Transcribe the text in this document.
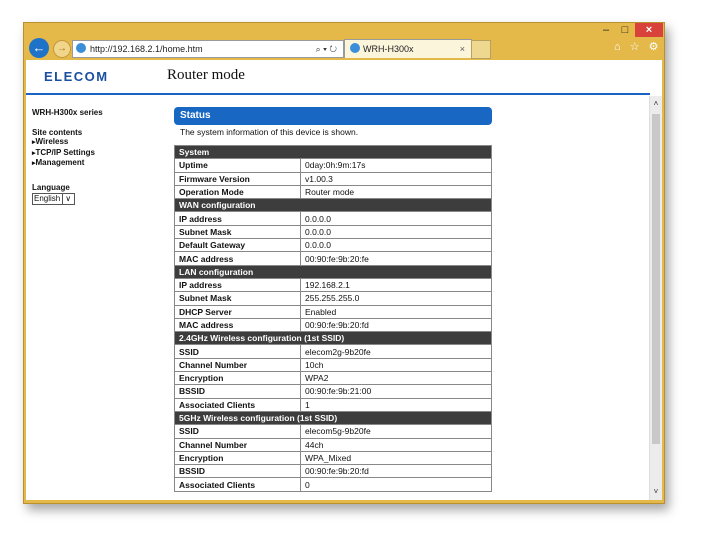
–	□	×
←	→	http://192.168.2.1/home.htm	⌕ ▾ ↻	WRH-H300x	×	⌂ ☆ ⚙
ELECOM	Router mode
WRH-H300x series
Site contents
▸ Wireless
▸ TCP/IP Settings
▸ Management
Language
English ∨
Status
The system information of this device is shown.
System	
Uptime	0day:0h:9m:17s
Firmware Version	v1.00.3
Operation Mode	Router mode
WAN configuration	
IP address	0.0.0.0
Subnet Mask	0.0.0.0
Default Gateway	0.0.0.0
MAC address	00:90:fe:9b:20:fe
LAN configuration	
IP address	192.168.2.1
Subnet Mask	255.255.255.0
DHCP Server	Enabled
MAC address	00:90:fe:9b:20:fd
2.4GHz Wireless configuration (1st SSID)	
SSID	elecom2g-9b20fe
Channel Number	10ch
Encryption	WPA2
BSSID	00:90:fe:9b:21:00
Associated Clients	1
5GHz Wireless configuration (1st SSID)	
SSID	elecom5g-9b20fe
Channel Number	44ch
Encryption	WPA_Mixed
BSSID	00:90:fe:9b:20:fd
Associated Clients	0
˄
˅
